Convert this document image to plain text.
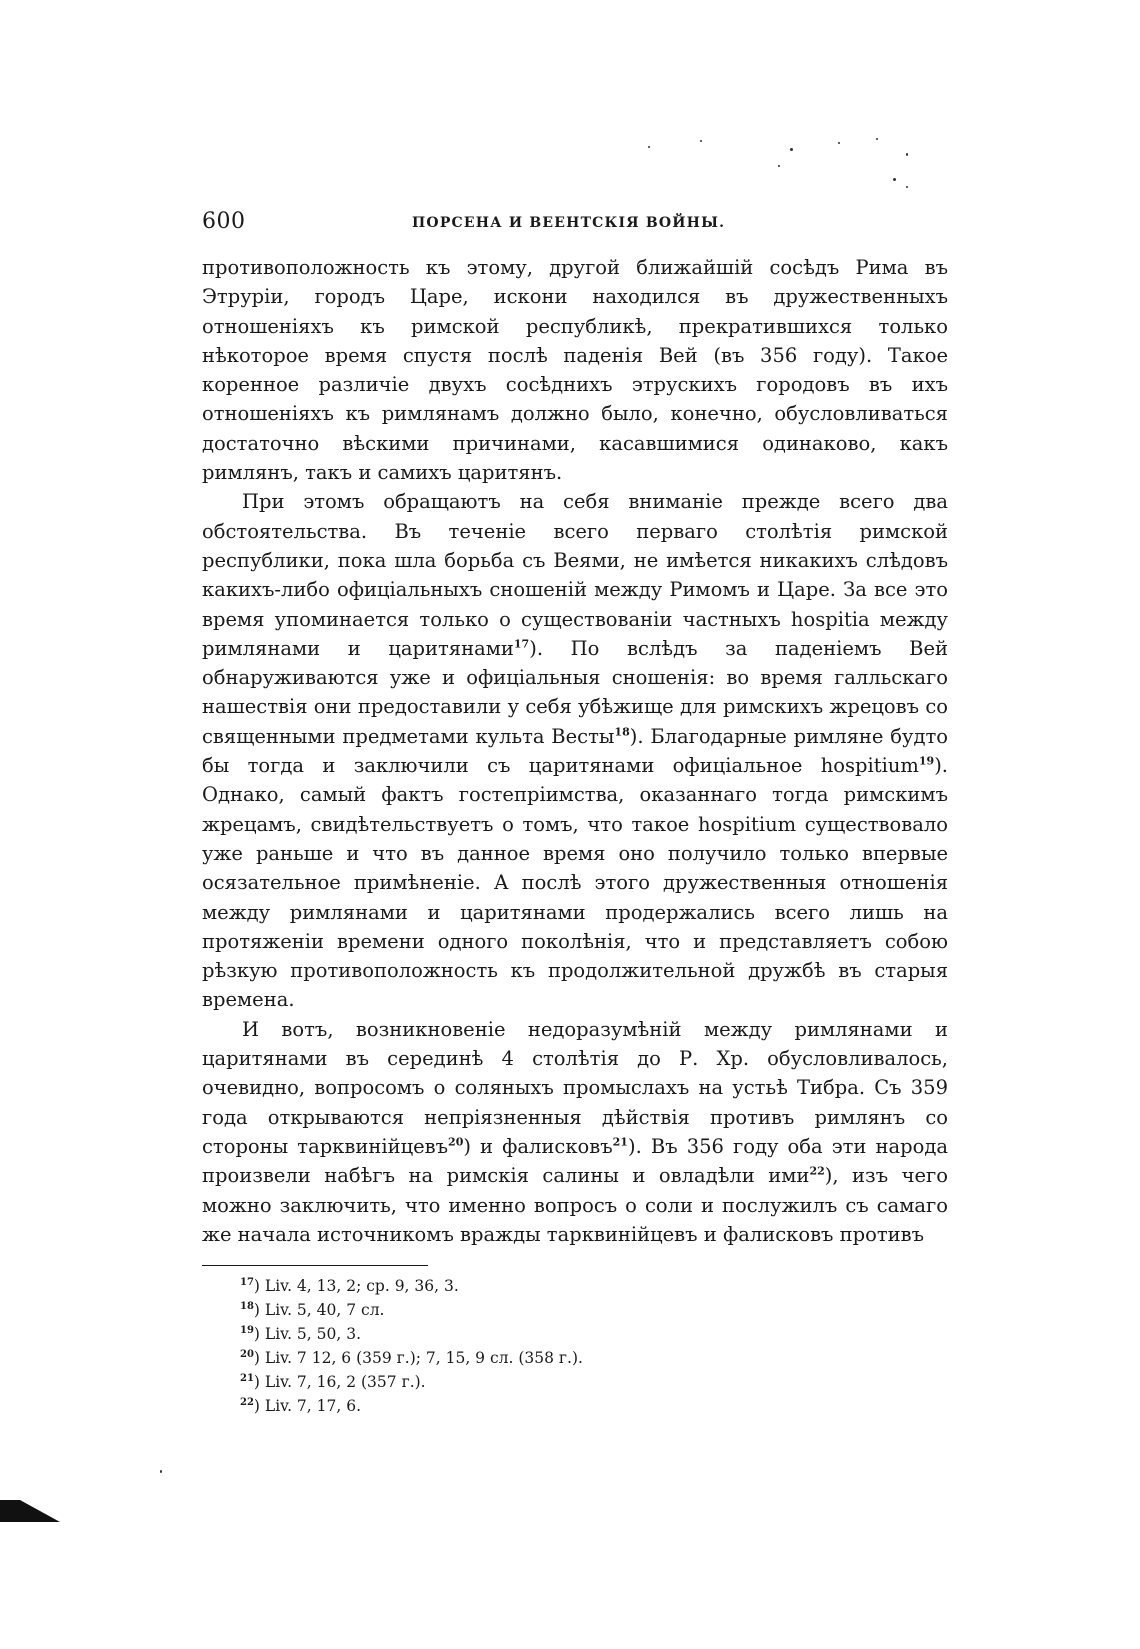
600	ПОРСЕНА И ВЕЕНТСКІЯ ВОЙНЫ.

противоположность къ этому, другой ближайшій сосѣдъ Рима въ Этруріи, городъ Царе, искони находился въ дружественныхъ отношеніяхъ къ римской республикѣ, прекратившихся только нѣкоторое время спустя послѣ паденія Вей (въ 356 году). Такое коренное различіе двухъ сосѣднихъ этрускихъ городовъ въ ихъ отношеніяхъ къ римлянамъ должно было, конечно, обусловливаться достаточно вѣскими причинами, касавшимися одинаково, какъ римлянъ, такъ и самихъ царитянъ.

При этомъ обращаютъ на себя вниманіе прежде всего два обстоятельства. Въ теченіе всего перваго столѣтія римской республики, пока шла борьба съ Веями, не имѣется никакихъ слѣдовъ какихъ-либо офиціальныхъ сношеній между Римомъ и Царе. За все это время упоминается только о существованіи частныхъ hospitia между римлянами и царитянами$^{17}$). По вслѣдъ за паденіемъ Вей обнаруживаются уже и офиціальныя сношенія: во время галльскаго нашествія они предоставили у себя убѣжище для римскихъ жрецовъ со священными предметами культа Весты$^{18}$). Благодарные римляне будто бы тогда и заключили съ царитянами офиціальное hospitium$^{19}$). Однако, самый фактъ гостепріимства, оказаннаго тогда римскимъ жрецамъ, свидѣтельствуетъ о томъ, что такое hospitium существовало уже раньше и что въ данное время оно получило только впервые осязательное примѣненіе. А послѣ этого дружественныя отношенія между римлянами и царитянами продержались всего лишь на протяженіи времени одного поколѣнія, что и представляетъ собою рѣзкую противоположность къ продолжительной дружбѣ въ старыя времена.

И вотъ, возникновеніе недоразумѣній между римлянами и царитянами въ серединѣ 4 столѣтія до Р. Хр. обусловливалось, очевидно, вопросомъ о соляныхъ промыслахъ на устьѣ Тибра. Съ 359 года открываются непріязненныя дѣйствія противъ римлянъ со стороны тарквинійцевъ$^{20}$) и фалисковъ$^{21}$). Въ 356 году оба эти народа произвели набѣгъ на римскія салины и овладѣли ими$^{22}$), изъ чего можно заключить, что именно вопросъ о соли и послужилъ съ самаго же начала источникомъ вражды тарквинійцевъ и фалисковъ противъ

$^{17}$) Liv. 4, 13, 2; ср. 9, 36, 3.
$^{18}$) Liv. 5, 40, 7 сл.
$^{19}$) Liv. 5, 50, 3.
$^{20}$) Liv. 7 12, 6 (359 г.); 7, 15, 9 сл. (358 г.).
$^{21}$) Liv. 7, 16, 2 (357 г.).
$^{22}$) Liv. 7, 17, 6.
